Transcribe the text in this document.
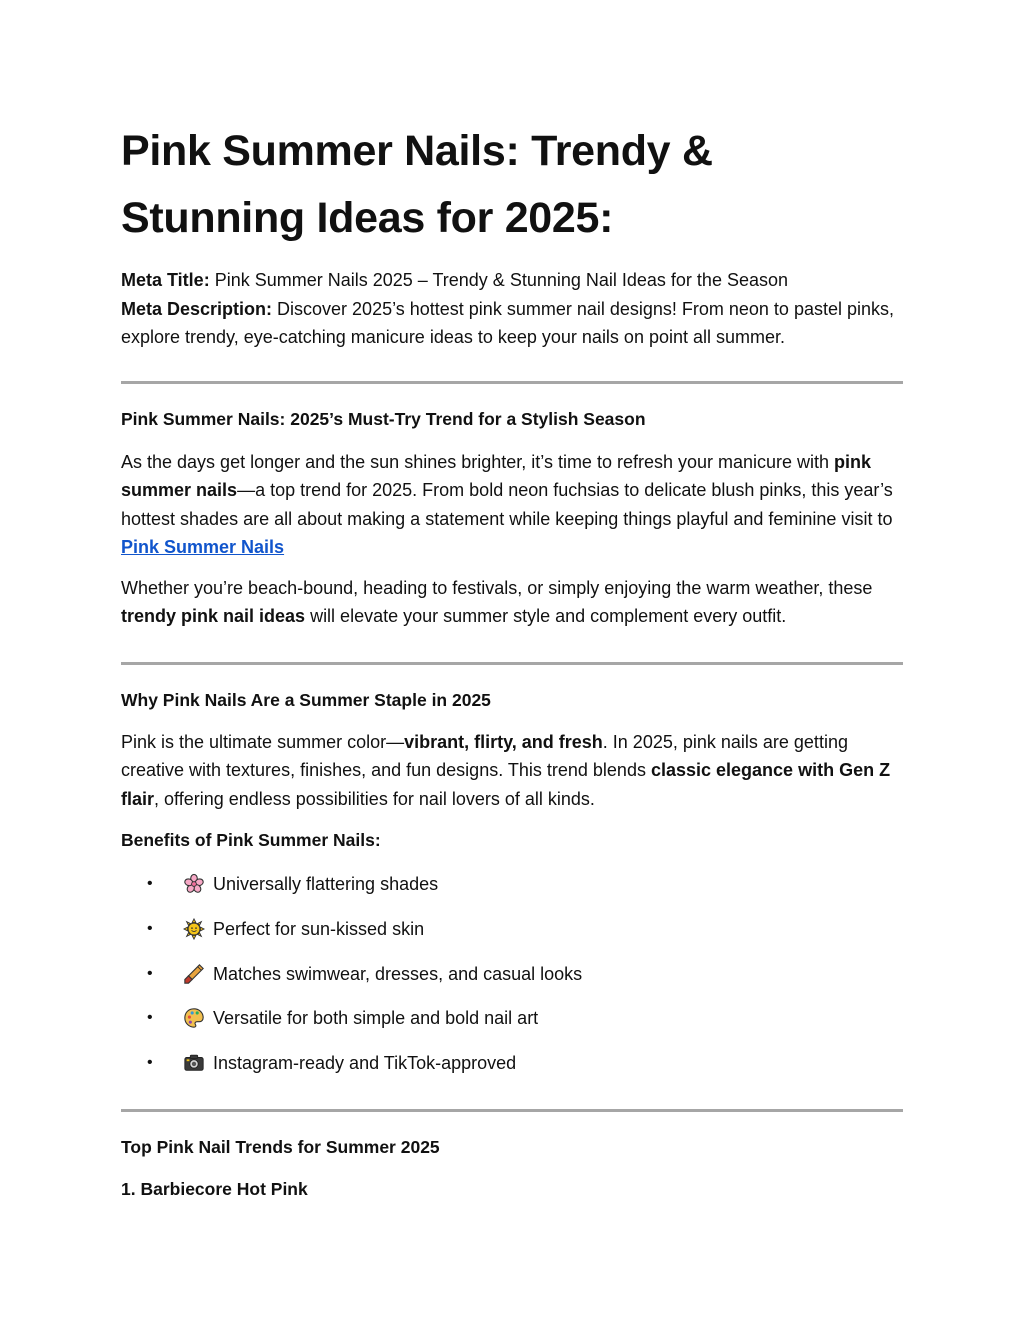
Pink Summer Nails: Trendy & Stunning Ideas for 2025:

Meta Title: Pink Summer Nails 2025 – Trendy & Stunning Nail Ideas for the Season

Meta Description: Discover 2025’s hottest pink summer nail designs! From neon to pastel pinks, explore trendy, eye-catching manicure ideas to keep your nails on point all summer.

Pink Summer Nails: 2025’s Must-Try Trend for a Stylish Season

As the days get longer and the sun shines brighter, it’s time to refresh your manicure with pink summer nails—a top trend for 2025. From bold neon fuchsias to delicate blush pinks, this year’s hottest shades are all about making a statement while keeping things playful and feminine visit to Pink Summer Nails

Whether you’re beach-bound, heading to festivals, or simply enjoying the warm weather, these trendy pink nail ideas will elevate your summer style and complement every outfit.

Why Pink Nails Are a Summer Staple in 2025

Pink is the ultimate summer color—vibrant, flirty, and fresh. In 2025, pink nails are getting creative with textures, finishes, and fun designs. This trend blends classic elegance with Gen Z flair, offering endless possibilities for nail lovers of all kinds.

Benefits of Pink Summer Nails:
•	Universally flattering shades
•	Perfect for sun-kissed skin
•	Matches swimwear, dresses, and casual looks
•	Versatile for both simple and bold nail art
•	Instagram-ready and TikTok-approved
Top Pink Nail Trends for Summer 2025
1. Barbiecore Hot Pink
